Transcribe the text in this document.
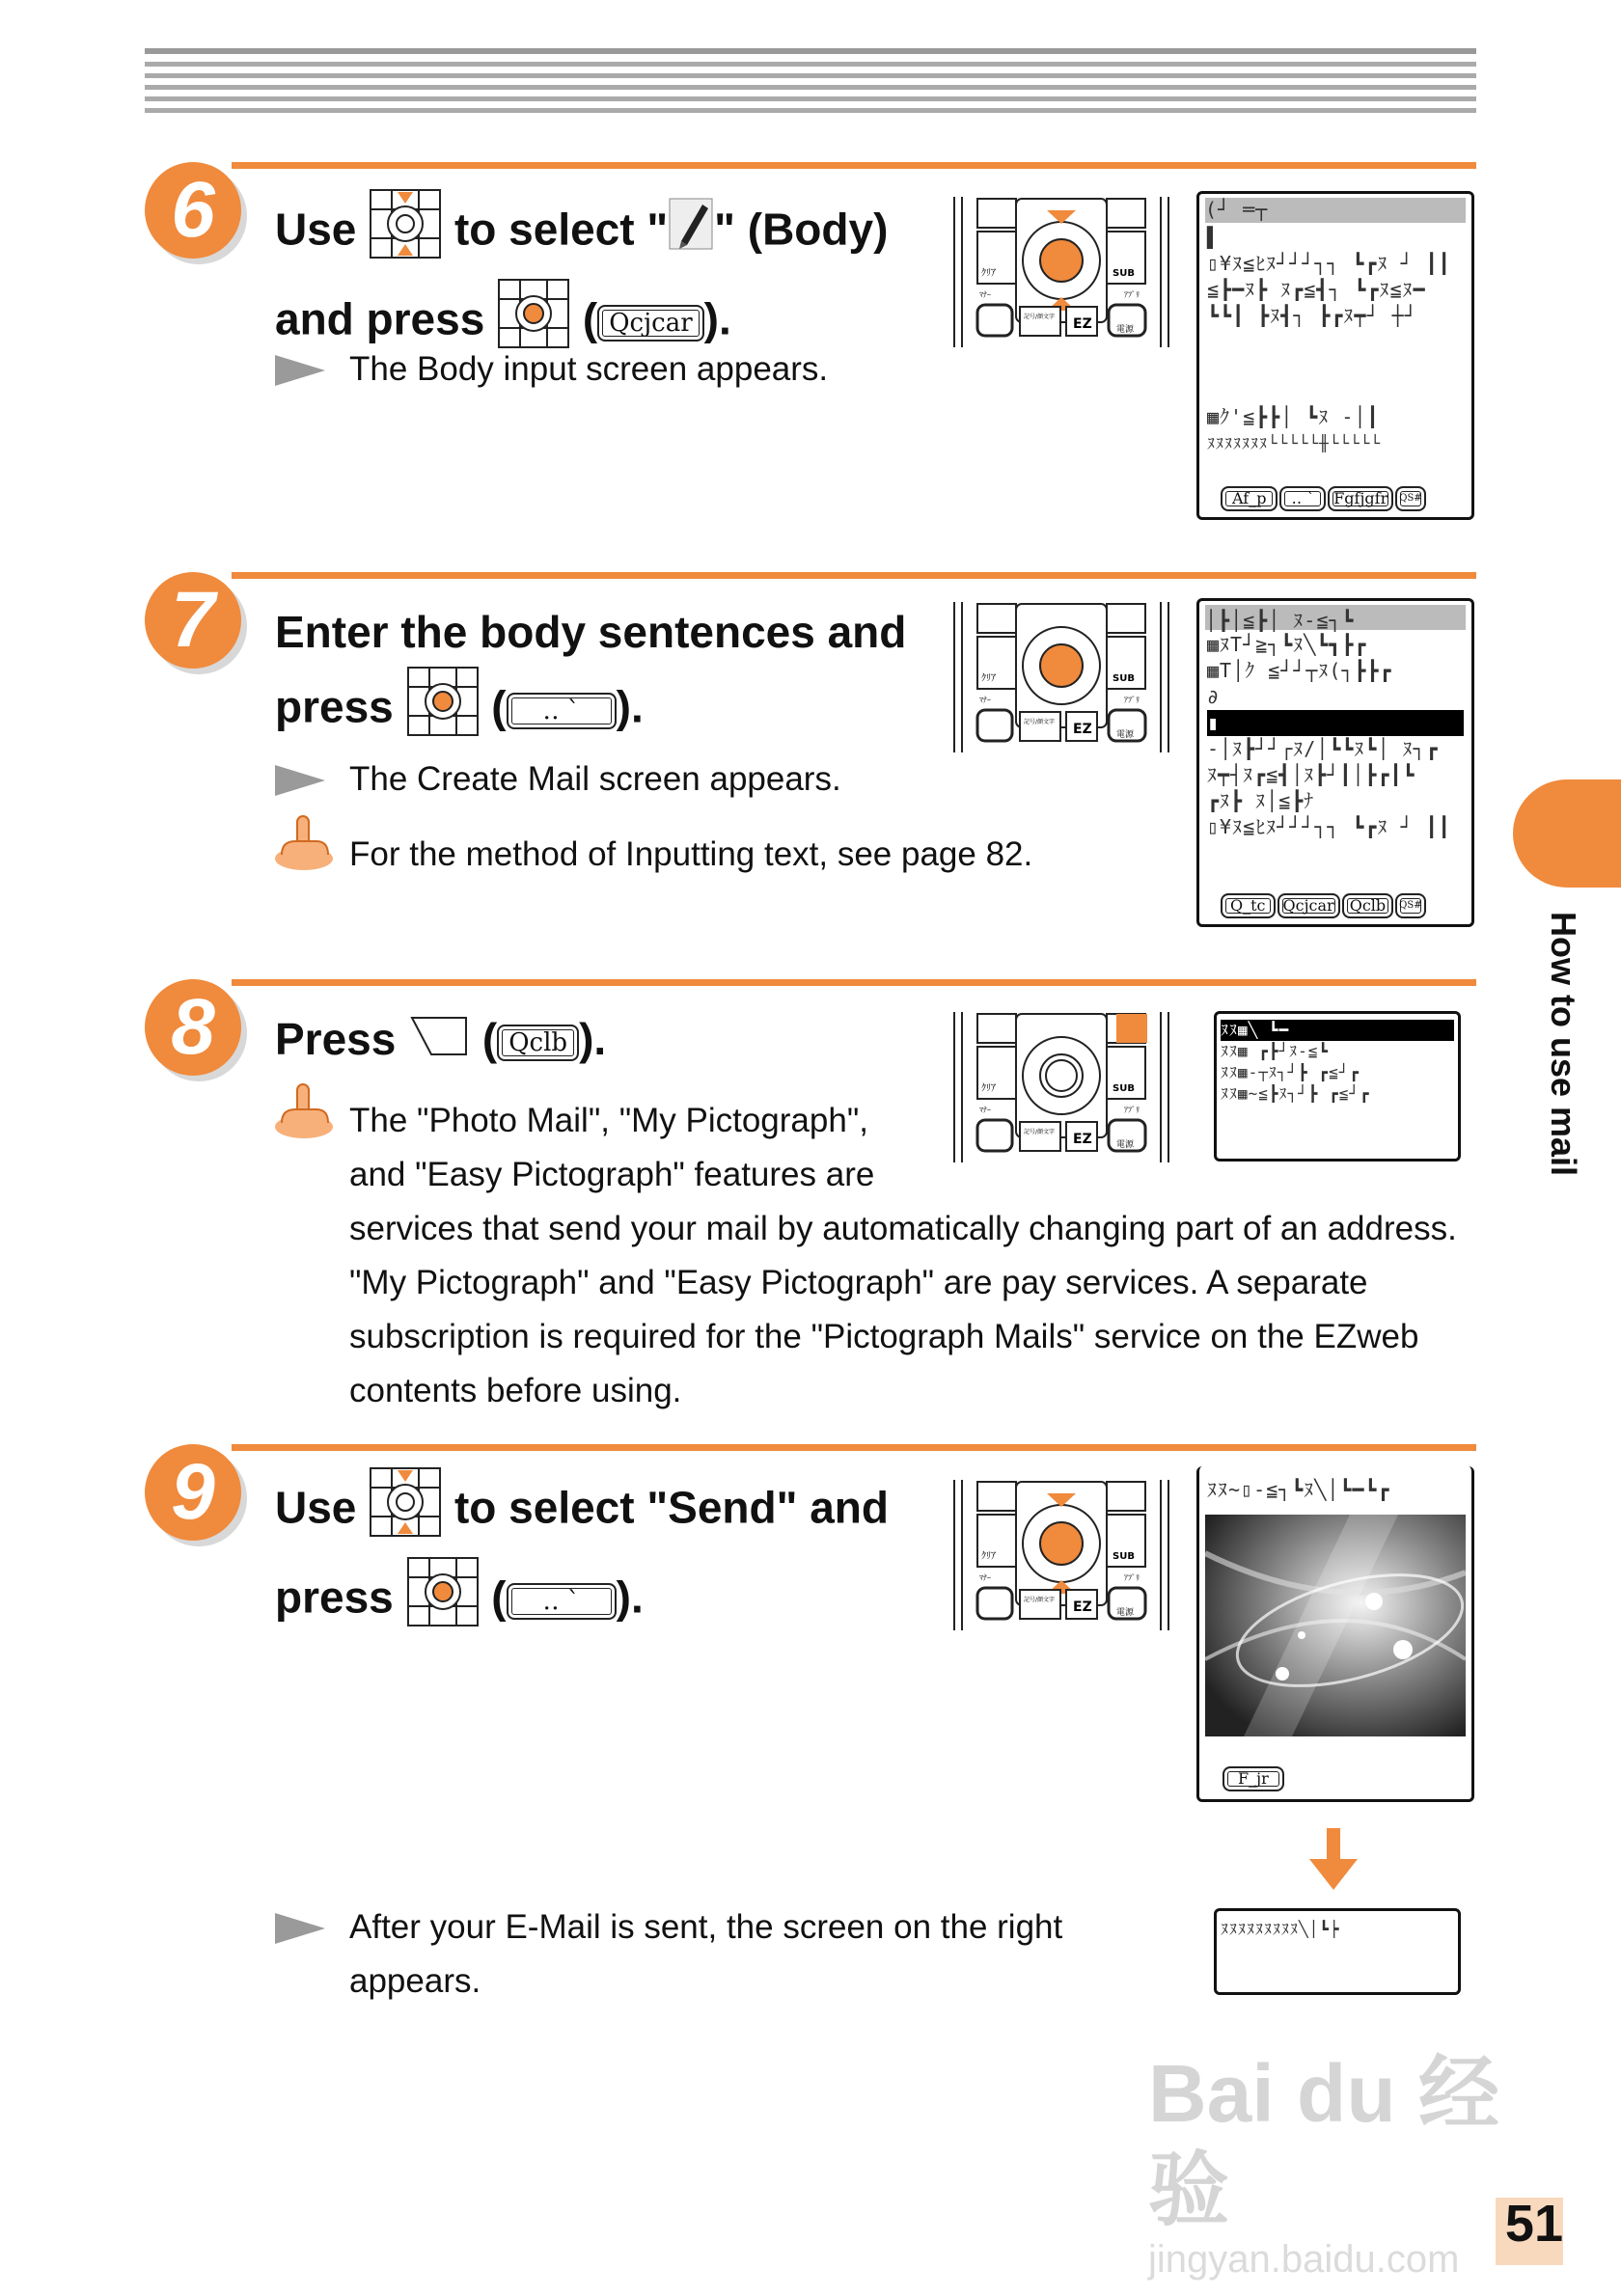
How to use mail
6	Use to select " " (Body)
and press  ( Qcjcar ).
The Body input screen appears.
7	Enter the body sentences and
press  ( ‥ ` ).
The Create Mail screen appears.
For the method of Inputting text, see page 82.
8	Press  ( Qclb ).
The "Photo Mail", "My Pictograph",
and "Easy Pictograph" features are
services that send your mail by automatically changing part of an address.
"My Pictograph" and "Easy Pictograph" are pay services. A separate
subscription is required for the "Pictograph Mails" service on the EZweb
contents before using.
9	Use to select "Send" and
press  ( ‥ ` ).
After your E-Mail is sent, the screen on the right
appears.
ｸﾘｱ	SUB
ﾏﾅｰ	ｱﾌﾟﾘ
記号/顔文字 EZ	電源
ｸﾘｱ	SUB
ﾏﾅｰ	ｱﾌﾟﾘ
記号/顔文字 EZ	電源
ｸﾘｱ	SUB
ﾏﾅｰ	ｱﾌﾟﾘ
記号/顔文字 EZ	電源
ｸﾘｱ	SUB
ﾏﾅｰ	ｱﾌﾟﾘ
記号/顔文字 EZ	電源
(┘ ═┬
▌
▯¥ﾇ≦ﾋﾇ┘┘┘┐┐ ┗┏ﾇ ┘ ┃┃
≦┣━ﾇ┣ ﾇ┏≦┫┐ ┗┏ﾇ≦ﾇ━
┗┗┃ ┣ﾇ┫┐ ┣┏ﾇ┯┘ ┼┘
▦ｸ'≦┣┣│ ┗ﾇ -│┃
ﾇﾇﾇﾇﾇﾇﾇ└└└└└╫└└└└└
Af_p	‥ `	Fgfjgfr	QS#
│┣│≦┣│ ﾇ-≦┐┗
▦ﾇT┘≧┐┗ﾇ╲┗┓┣┏
▦T│ｸ ≦┘┘┬ﾇ(┐┣┣┏
∂
▮
-│ﾇ┣┘┘┌ﾇ/│┗┗ﾇ┗│ ﾇ┐┏
ﾇ┯┤ﾇ┏≦┫│ﾇ┣┘┃│┣┏┃┗
┏ﾇ┣ ﾇ│≦┣ﾅ
▯¥ﾇ≦ﾋﾇ┘┘┘┐┐ ┗┏ﾇ ┘ ┃┃
Q_tc	Qcjcar	Qclb	QS#
ﾇﾇ▦╲ ┗━
ﾇﾇ▦ ┏┣┘ﾇ-≦┗
ﾇﾇ▦-┬ﾇ┐┘┣ ┏≦┘┏
ﾇﾇ▦~≦┣ﾇ┐┘┣ ┏≦┘┏
ﾇﾇ~▯-≦┐┗ﾇ╲│┗━┗┏
F_jr
ﾇﾇﾇﾇﾇﾇﾇﾇﾇ╲│┗┝
Bai du 经验
jingyan.baidu.com
51
